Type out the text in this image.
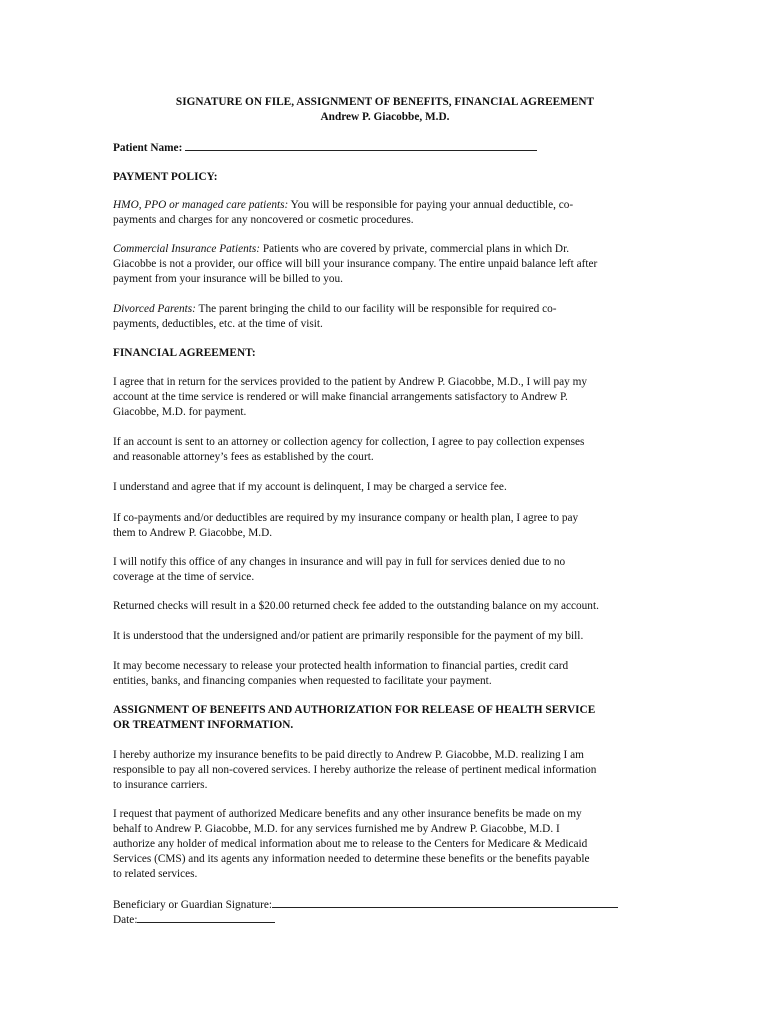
SIGNATURE ON FILE, ASSIGNMENT OF BENEFITS, FINANCIAL AGREEMENT
Andrew P. Giacobbe, M.D.
Patient Name:
PAYMENT POLICY:
HMO, PPO or managed care patients: You will be responsible for paying your annual deductible, co-
payments and charges for any noncovered or cosmetic procedures.
Commercial Insurance Patients: Patients who are covered by private, commercial plans in which Dr.
Giacobbe is not a provider, our office will bill your insurance company. The entire unpaid balance left after
payment from your insurance will be billed to you.
Divorced Parents: The parent bringing the child to our facility will be responsible for required co-
payments, deductibles, etc. at the time of visit.
FINANCIAL AGREEMENT:
I agree that in return for the services provided to the patient by Andrew P. Giacobbe, M.D., I will pay my
account at the time service is rendered or will make financial arrangements satisfactory to Andrew P.
Giacobbe, M.D. for payment.
If an account is sent to an attorney or collection agency for collection, I agree to pay collection expenses
and reasonable attorney’s fees as established by the court.
I understand and agree that if my account is delinquent, I may be charged a service fee.
If co-payments and/or deductibles are required by my insurance company or health plan, I agree to pay
them to Andrew P. Giacobbe, M.D.
I will notify this office of any changes in insurance and will pay in full for services denied due to no
coverage at the time of service.
Returned checks will result in a $20.00 returned check fee added to the outstanding balance on my account.
It is understood that the undersigned and/or patient are primarily responsible for the payment of my bill.
It may become necessary to release your protected health information to financial parties, credit card
entities, banks, and financing companies when requested to facilitate your payment.
ASSIGNMENT OF BENEFITS AND AUTHORIZATION FOR RELEASE OF HEALTH SERVICE
OR TREATMENT INFORMATION.
I hereby authorize my insurance benefits to be paid directly to Andrew P. Giacobbe, M.D. realizing I am
responsible to pay all non-covered services. I hereby authorize the release of pertinent medical information
to insurance carriers.
I request that payment of authorized Medicare benefits and any other insurance benefits be made on my
behalf to Andrew P. Giacobbe, M.D. for any services furnished me by Andrew P. Giacobbe, M.D. I
authorize any holder of medical information about me to release to the Centers for Medicare & Medicaid
Services (CMS) and its agents any information needed to determine these benefits or the benefits payable
to related services.
Beneficiary or Guardian Signature:
Date:
